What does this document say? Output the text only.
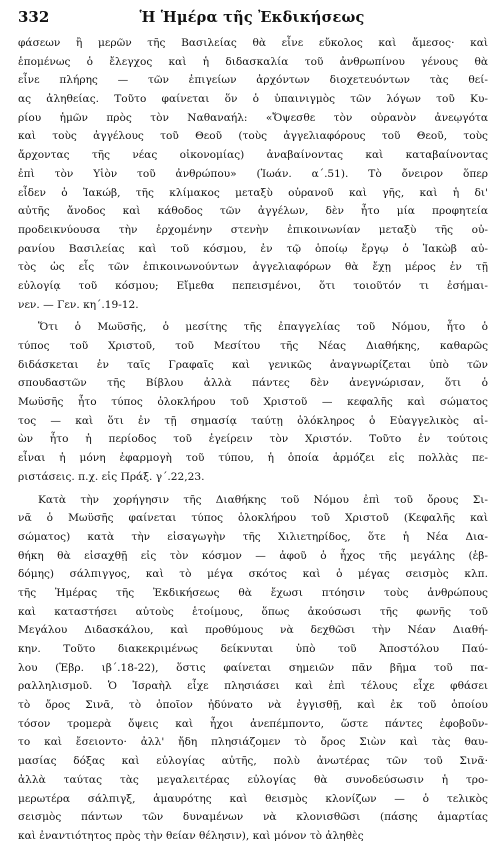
332	Ἡ Ἡμέρα τῆς Ἐκδικήσεως
φάσεων ἢ μερῶν τῆς Βασιλείας θὰ εἶνε εὔκολος καὶ ἄμεσος· καὶ
ἑπομένως ὁ ἔλεγχος καὶ ἡ διδασκαλία τοῦ ἀνθρωπίνου γένους θὰ
εἶνε πλήρης — τῶν ἐπιγείων ἀρχόντων διοχετευόντων τὰς θεί-
ας ἀληθείας. Τοῦτο φαίνεται ὅν ὁ ὑπαινιγμὸς τῶν λόγων τοῦ Κυ-
ρίου ἡμῶν πρὸς τὸν Ναθαναήλ: «Ὄψεσθε τὸν οὐρανὸν ἀνεῳγότα
καὶ τοὺς ἀγγέλους τοῦ Θεοῦ (τοὺς ἀγγελιαφόρους τοῦ Θεοῦ, τοὺς
ἄρχοντας τῆς νέας οἰκονομίας) ἀναβαίνοντας καὶ καταβαίνοντας
ἐπὶ τὸν Υἱὸν τοῦ ἀνθρώπου» (Ἰωάν. α΄.51). Τὸ ὄνειρον ὅπερ
εἶδεν ὁ Ἰακώβ, τῆς κλίμακος μεταξὺ οὐρανοῦ καὶ γῆς, καὶ ἡ δι'
αὐτῆς ἄνοδος καὶ κάθοδος τῶν ἀγγέλων, δὲν ἦτο μία προφητεία
προδεικνύουσα τὴν ἐρχομένην στενὴν ἐπικοινωνίαν μεταξὺ τῆς οὐ-
ρανίου Βασιλείας καὶ τοῦ κόσμου, ἐν τῷ ὁποίῳ ἔργῳ ὁ Ἰακὼβ αὐ-
τὸς ὡς εἷς τῶν ἐπικοινωνούντων ἀγγελιαφόρων θὰ ἔχῃ μέρος ἐν τῇ
εὐλογίᾳ τοῦ κόσμου; Εἴμεθα πεπεισμένοι, ὅτι τοιοῦτόν τι ἐσήμαι-
νεν. — Γεν. κη΄.19-12.
Ὅτι ὁ Μωϋσῆς, ὁ μεσίτης τῆς ἐπαγγελίας τοῦ Νόμου, ἦτο ὁ
τύπος τοῦ Χριστοῦ, τοῦ Μεσίτου τῆς Νέας Διαθήκης, καθαρῶς
διδάσκεται ἐν ταῖς Γραφαῖς καὶ γενικῶς ἀναγνωρίζεται ὑπὸ τῶν
σπουδαστῶν τῆς Βίβλου ἀλλὰ πάντες δὲν ἀνεγνώρισαν, ὅτι ὁ
Μωϋσῆς ἦτο τύπος ὁλοκλήρου τοῦ Χριστοῦ — κεφαλῆς καὶ σώματος
τος — καὶ ὅτι ἐν τῇ σημασίᾳ ταύτῃ ὁλόκληρος ὁ Εὐαγγελικὸς αἰ-
ὼν ἦτο ἡ περίοδος τοῦ ἐγείρειν τὸν Χριστόν. Τοῦτο ἐν τούτοις
εἶναι ἡ μόνη ἐφαρμογὴ τοῦ τύπου, ἡ ὁποία ἁρμόζει εἰς πολλὰς πε-
ριστάσεις. π.χ. εἰς Πράξ. γ΄.22,23.
Κατὰ τὴν χορήγησιν τῆς Διαθήκης τοῦ Νόμου ἐπὶ τοῦ ὄρους Σι-
νᾶ ὁ Μωϋσῆς φαίνεται τύπος ὁλοκλήρου τοῦ Χριστοῦ (Κεφαλῆς καὶ
σώματος) κατὰ τὴν εἰσαγωγὴν τῆς Χιλιετηρίδος, ὅτε ἡ Νέα Δια-
θήκη θὰ εἰσαχθῇ εἰς τὸν κόσμον — ἀφοῦ ὁ ἦχος τῆς μεγάλης (ἑβ-
δόμης) σάλπιγγος, καὶ τὸ μέγα σκότος καὶ ὁ μέγας σεισμὸς κλπ.
τῆς Ἡμέρας τῆς Ἐκδικήσεως θὰ ἔχωσι πτόησιν τοὺς ἀνθρώπους
καὶ καταστήσει αὐτοὺς ἑτοίμους, ὅπως ἀκούσωσι τῆς φωνῆς τοῦ
Μεγάλου Διδασκάλου, καὶ προθύμους νὰ δεχθῶσι τὴν Νέαν Διαθή-
κην. Τοῦτο διακεκριμένως δείκνυται ὑπὸ τοῦ Ἀποστόλου Παύ-
λου (Ἑβρ. ιβ΄.18-22), ὅστις φαίνεται σημειῶν πᾶν βῆμα τοῦ πα-
ραλληλισμοῦ. Ὁ Ἰσραὴλ εἶχε πλησιάσει καὶ ἐπὶ τέλους εἶχε φθάσει
τὸ ὄρος Σινᾶ, τὸ ὁποῖον ἠδύνατο νὰ ἐγγισθῇ, καὶ ἐκ τοῦ ὁποίου
τόσον τρομερὰ ὄψεις καὶ ἦχοι ἀνεπέμποντο, ὥστε πάντες ἐφοβοῦν-
το καὶ ἔσειοντο· ἀλλ' ἤδη πλησιάζομεν τὸ ὄρος Σιὼν καὶ τὰς θαυ-
μασίας δόξας καὶ εὐλογίας αὐτῆς, πολὺ ἀνωτέρας τῶν τοῦ Σινᾶ·
ἀλλὰ ταύτας τὰς μεγαλειτέρας εὐλογίας θὰ συνοδεύσωσιν ἡ τρο-
μερωτέρα σάλπιγξ, ἀμαυρότης καὶ θεισμὸς κλονίζων — ὁ τελικὸς
σεισμὸς πάντων τῶν δυναμένων νὰ κλονισθῶσι (πάσης ἁμαρτίας
καὶ ἐναντιότητος πρὸς τὴν θείαν θέλησιν), καὶ μόνον τὸ ἀληθὲς
